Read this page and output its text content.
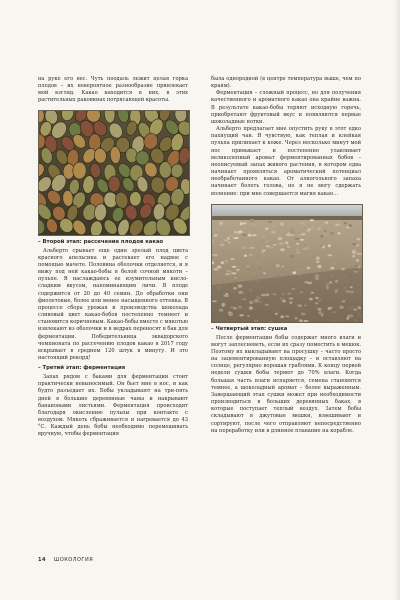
на руке его вес. Чуть поодаль лежит целая горка плодов – их невероятное разнообразие привлекает мой взгляд. Какао находится в них, в этих растительных раковинах потрясающей красоты.

– Второй этап: рассечение плодов какао

Альберто срывает еще один зрелый плод цвета красного апельсина и рассекает его надвое с помощью мачете. Половина оболочки отделяется, и я вижу под ней какао-бобы в белой сочной мякоти – пульпе. Я наслаждаюсь ее изумительным кисло-сладким вкусом, напоминающим личи. В плоде содержится от 20 до 40 семян. До обработки они фиолетовые, более или менее насыщенного оттенка. В процессе сбора урожая и производства шоколада сливовый цвет какао-бобов постепенно темнеет и становится коричневым. Какао-бобы вместе с мякотью извлекают из оболочки и в ведрах переносят в бак для ферментации. Победительница эквадорского чемпионата по рассечению плодов какао в 2017 году вскрывает в среднем 120 штук в минуту. И это настоящий рекорд!

– Третий этап: ферментация

Запах рядом с баками для ферментации стоит практически невыносимый. Он бьет мне в нос, и как будто разъедает их. Бобы укладывают на три-пять дней в большие деревянные чаны и накрывают банановыми листьями. Ферментация происходит благодаря окислению пульпы при контакте с воздухом. Мякоть сбраживается и нагревается до 43 °С. Каждый день бобы необходимо перемешивать вручную, чтобы ферментация

была однородной (в центре температура выше, чем по краям).

Ферментация – сложный процесс, но для получения качественного и ароматного какао она крайне важна. В результате какао-бобы теряют исходную горечь, приобретают фруктовый вкус и появляются первые шоколадные нотки.

Альберто предлагает мне опустить руку в этот едко пахнущий чан. Я чувствую, как теплая и клейкая пульпа прилипает к коже. Через несколько минут мой нос привыкает и постепенно улавливает великолепный аромат ферментированных бобов – неописуемый запах живого растения, в котором едва начинает проявляться ароматический потенциал необработанного какао. От алкогольного запаха начинает болеть голова, но я не могу сдержать волнение: при мне совершается магия какао…

– Четвертый этап: сушка

После ферментации бобы содержат много влаги и могут заплесневеть, если их сразу поместить в мешок. Поэтому их выкладывают на просушку – часто просто на зацементированную площадку – и оставляют на солнце, регулярно ворошая граблями. К концу первой недели сушки бобы теряют до 70% влаги. Когда большая часть влаги испаряется, семена становятся темнее, а шоколадный аромат – более выраженным. Завершающий этап сушки может при необходимости производиться в больших деревянных баках, в которые поступает теплый воздух. Затем бобы складывают в джутовые мешки, взвешивают и сортируют, после чего отправляют непосредственно на переработку или в длинное плавание на корабле.

14 ШОКОЛОГИЯ
